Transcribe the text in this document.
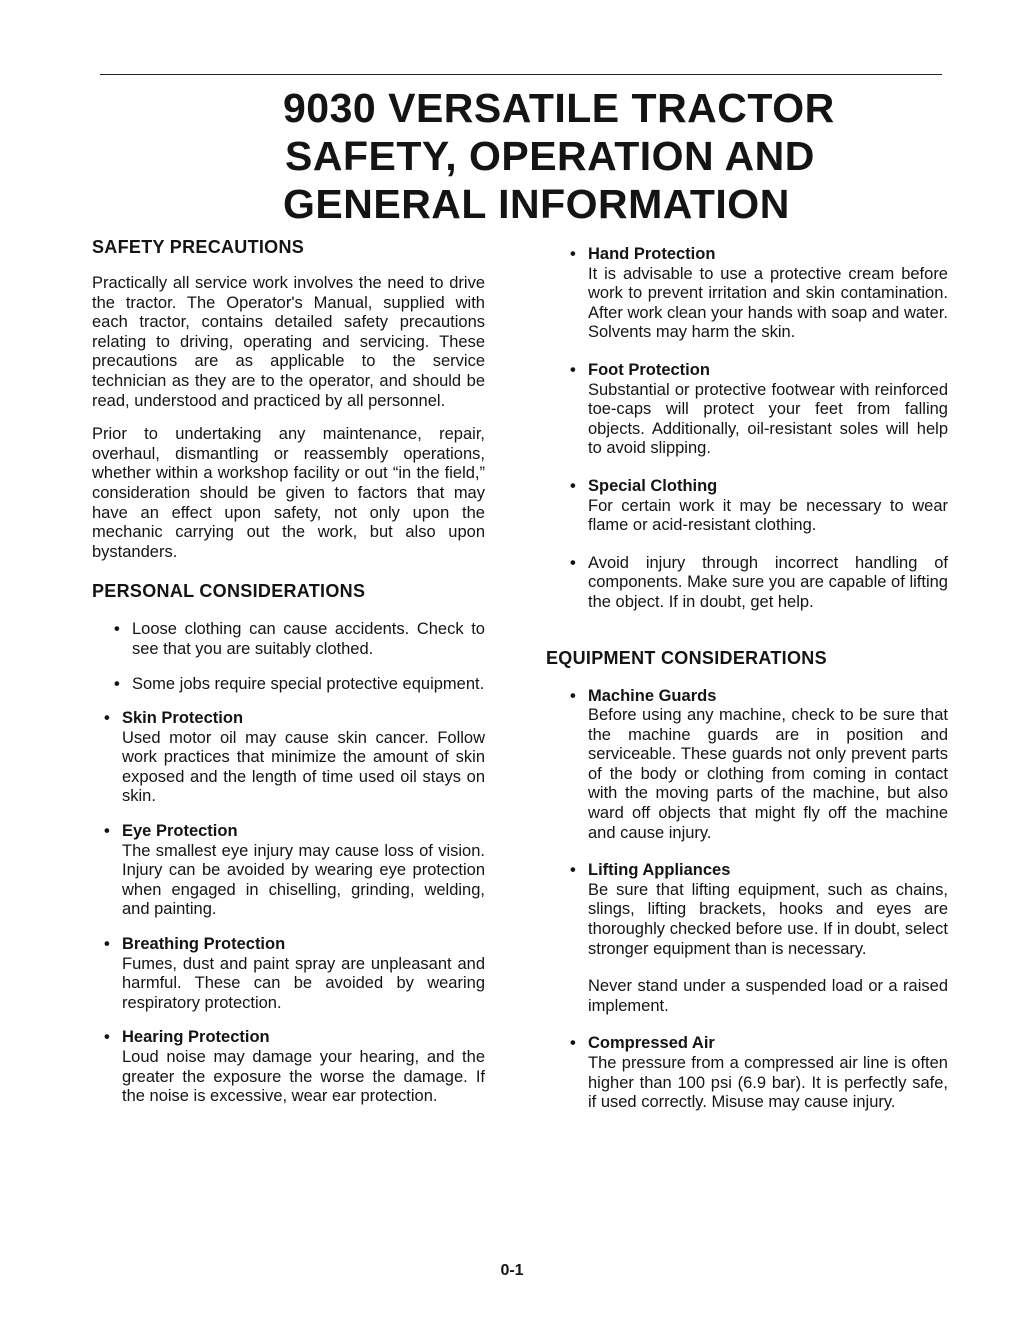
9030 VERSATILE TRACTOR
SAFETY, OPERATION AND
GENERAL INFORMATION
SAFETY PRECAUTIONS

Practically all service work involves the need to drive the tractor. The Operator's Manual, supplied with each tractor, contains detailed safety precautions relating to driving, operating and servicing. These precautions are as applicable to the service technician as they are to the operator, and should be read, understood and practiced by all personnel.

Prior to undertaking any maintenance, repair, overhaul, dismantling or reassembly operations, whether within a workshop facility or out “in the field,” consideration should be given to factors that may have an effect upon safety, not only upon the mechanic carrying out the work, but also upon bystanders.

PERSONAL CONSIDERATIONS
• Loose clothing can cause accidents. Check to see that you are suitably clothed.
• Some jobs require special protective equipment.
• Skin Protection
Used motor oil may cause skin cancer. Follow work practices that minimize the amount of skin exposed and the length of time used oil stays on skin.
• Eye Protection
The smallest eye injury may cause loss of vision. Injury can be avoided by wearing eye protection when engaged in chiselling, grinding, welding, and painting.
• Breathing Protection
Fumes, dust and paint spray are unpleasant and harmful. These can be avoided by wearing respiratory protection.
• Hearing Protection
Loud noise may damage your hearing, and the greater the exposure the worse the damage. If the noise is excessive, wear ear protection.
• Hand Protection
It is advisable to use a protective cream before work to prevent irritation and skin contamination. After work clean your hands with soap and water. Solvents may harm the skin.
• Foot Protection
Substantial or protective footwear with reinforced toe-caps will protect your feet from falling objects. Additionally, oil-resistant soles will help to avoid slipping.
• Special Clothing
For certain work it may be necessary to wear flame or acid-resistant clothing.
• Avoid injury through incorrect handling of components. Make sure you are capable of lifting the object. If in doubt, get help.
EQUIPMENT CONSIDERATIONS
• Machine Guards
Before using any machine, check to be sure that the machine guards are in position and serviceable. These guards not only prevent parts of the body or clothing from coming in contact with the moving parts of the machine, but also ward off objects that might fly off the machine and cause injury.
• Lifting Appliances
Be sure that lifting equipment, such as chains, slings, lifting brackets, hooks and eyes are thoroughly checked before use. If in doubt, select stronger equipment than is necessary.
Never stand under a suspended load or a raised implement.
• Compressed Air
The pressure from a compressed air line is often higher than 100 psi (6.9 bar). It is perfectly safe, if used correctly. Misuse may cause injury.
0-1
